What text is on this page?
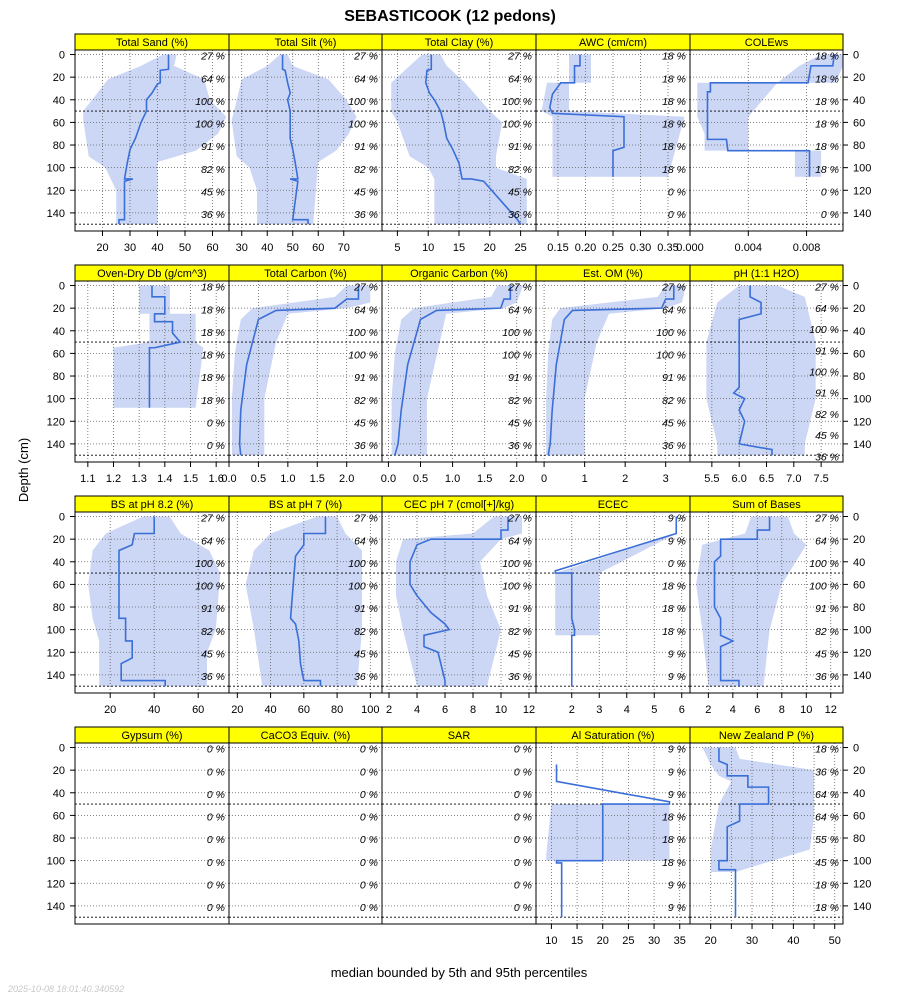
SEBASTICOOK (12 pedons)
Total Sand (%)
27 %
64 %
100 %
100 %
91 %
82 %
45 %
36 %
20 30 40 50 60
Total Silt (%)
27 %
64 %
100 %
100 %
91 %
82 %
45 %
36 %
30 40 50 60 70
Total Clay (%)
27 %
64 %
100 %
100 %
91 %
82 %
45 %
36 %
5 10 15 20 25
AWC (cm/cm)
18 %
18 %
18 %
18 %
18 %
18 %
0 %
0 %
0.15 0.20 0.25 0.30 0.35
COLEws
18 %
18 %
18 %
18 %
18 %
18 %
0 %
0 %
0.000	0.004	0.008
Oven-Dry Db (g/cm^3)
18 %
18 %
18 %
18 %
18 %
18 %
0 %
0 %
1.1 1.2 1.3 1.4 1.5 1.6
Total Carbon (%)
27 %
64 %
100 %
100 %
91 %
82 %
45 %
36 %
0.0 0.5 1.0 1.5 2.0
Organic Carbon (%)
27 %
64 %
100 %
100 %
91 %
82 %
45 %
36 %
0.0 0.5 1.0 1.5 2.0
Est. OM (%)
27 %
64 %
100 %
100 %
91 %
82 %
45 %
36 %
0	1	2	3
pH (1:1 H2O)
27 %
64 %
100 %
91 %
100 %
91 %
82 %
45 %
36 %
5.5 6.0 6.5 7.0 7.5
BS at pH 8.2 (%)
27 %
64 %
100 %
100 %
91 %
82 %
45 %
36 %
20	40	60
BS at pH 7 (%)
27 %
64 %
100 %
100 %
91 %
82 %
45 %
36 %
20 40 60 80 100
CEC pH 7 (cmol[+]/kg)
27 %
64 %
100 %
100 %
91 %
82 %
45 %
36 %
2 4 6 8 10 12
ECEC
9 %
9 %
0 %
18 %
18 %
18 %
9 %
9 %
2 3 4 5 6
Sum of Bases
27 %
64 %
100 %
100 %
91 %
82 %
45 %
36 %
2 4 6 8 10 12
Gypsum (%)
0 %
0 %
0 %
0 %
0 %
0 %
0 %
0 %
CaCO3 Equiv. (%)
0 %
0 %
0 %
0 %
0 %
0 %
0 %
0 %
SAR
0 %
0 %
0 %
0 %
0 %
0 %
0 %
0 %
Al Saturation (%)
9 %
9 %
9 %
18 %
18 %
18 %
9 %
9 %
10 15 20 25 30 35
New Zealand P (%)
18 %
36 %
64 %
64 %
55 %
45 %
18 %
18 %
20	30	40	50
0	0
20	20
40	40
60	60
80	80
100	100
120	120
140	140
0	0
20	20
40	40
60	60
80	80
100	100
120	120
140	140
0	0
20	20
40	40
60	60
80	80
100	100
120	120
140	140
0	0
20	20
40	40
60	60
80	80
100	100
120	120
140	140
Depth (cm)
median bounded by 5th and 95th percentiles
2025-10-08 18:01:40.340592
